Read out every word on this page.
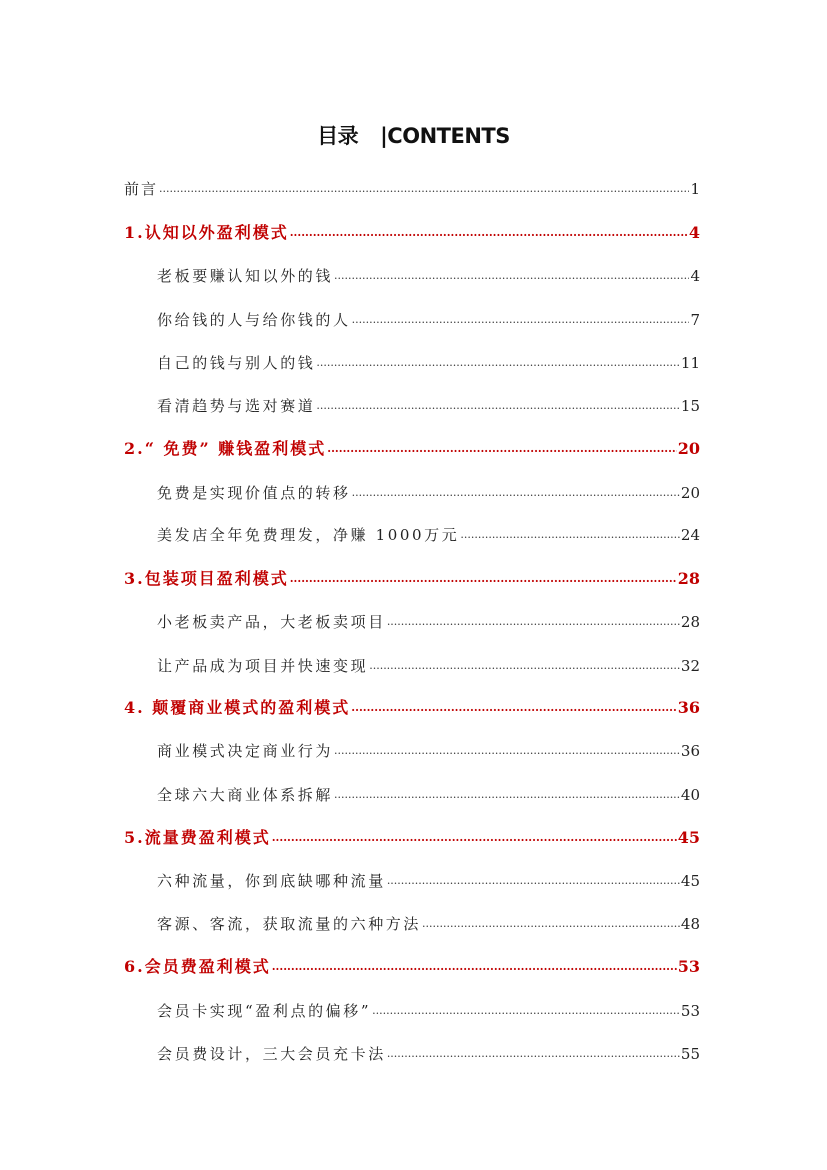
目录 |CONTENTS
前言 .....	1
1.认知以外盈利模式 .....	4
老板要赚认知以外的钱 .....	4
你给钱的人与给你钱的人 .....	7
自己的钱与别人的钱 .....	11
看清趋势与选对赛道 .....	15
2.“ 免费” 赚钱盈利模式 .....	20
免费是实现价值点的转移 .....	20
美发店全年免费理发，净赚 1000万元 .....	24
3.包装项目盈利模式 .....	28
小老板卖产品，大老板卖项目 .....	28
让产品成为项目并快速变现 .....	32
4. 颠覆商业模式的盈利模式 .....	36
商业模式决定商业行为 .....	36
全球六大商业体系拆解 .....	40
5.流量费盈利模式 .....	45
六种流量，你到底缺哪种流量 .....	45
客源、客流，获取流量的六种方法 .....	48
6.会员费盈利模式 .....	53
会员卡实现“盈利点的偏移” .....	53
会员费设计，三大会员充卡法 .....	55
